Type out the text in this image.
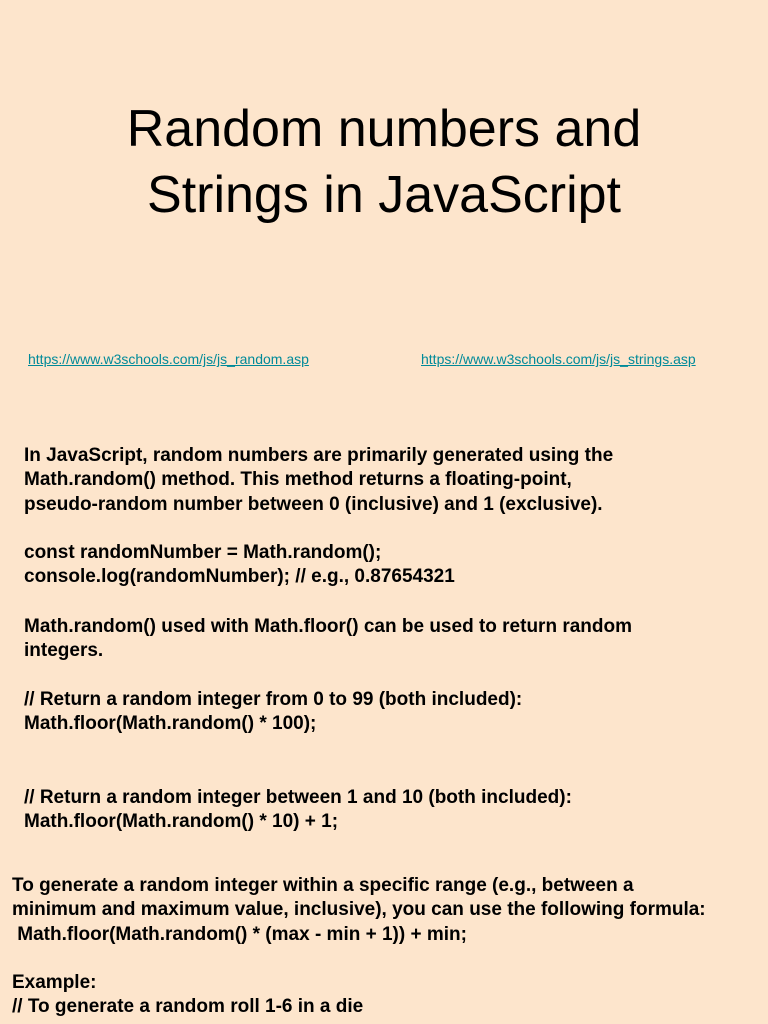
Random numbers and
Strings in JavaScript
https://www.w3schools.com/js/js_random.asp	https://www.w3schools.com/js/js_strings.asp
In JavaScript, random numbers are primarily generated using the
Math.random() method. This method returns a floating-point,
pseudo-random number between 0 (inclusive) and 1 (exclusive).
const randomNumber = Math.random();
console.log(randomNumber); // e.g., 0.87654321
Math.random() used with Math.floor() can be used to return random
integers.
// Return a random integer from 0 to 99 (both included):
Math.floor(Math.random() * 100);
// Return a random integer between 1 and 10 (both included):
Math.floor(Math.random() * 10) + 1;
To generate a random integer within a specific range (e.g., between a
minimum and maximum value, inclusive), you can use the following formula:
Math.floor(Math.random() * (max - min + 1)) + min;
Example:
// To generate a random roll 1-6 in a die
